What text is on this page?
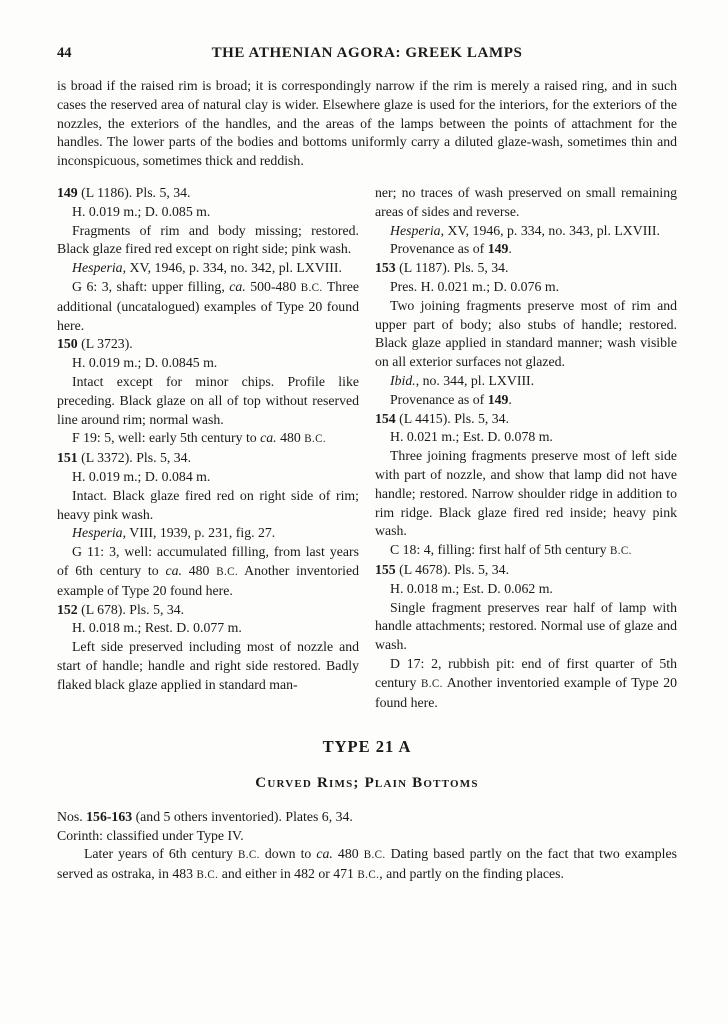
44	THE ATHENIAN AGORA: GREEK LAMPS
is broad if the raised rim is broad; it is correspondingly narrow if the rim is merely a raised ring, and in such cases the reserved area of natural clay is wider. Elsewhere glaze is used for the interiors, for the exteriors of the nozzles, the exteriors of the handles, and the areas of the lamps between the points of attachment for the handles. The lower parts of the bodies and bottoms uniformly carry a diluted glaze-wash, sometimes thin and inconspicuous, sometimes thick and reddish.

149 (L 1186). Pls. 5, 34.

H. 0.019 m.; D. 0.085 m.

Fragments of rim and body missing; restored. Black glaze fired red except on right side; pink wash.

Hesperia, XV, 1946, p. 334, no. 342, pl. LXVIII.

G 6: 3, shaft: upper filling, ca. 500-480 B.C. Three additional (uncatalogued) examples of Type 20 found here.

150 (L 3723).

H. 0.019 m.; D. 0.0845 m.

Intact except for minor chips. Profile like preceding. Black glaze on all of top without reserved line around rim; normal wash.

F 19: 5, well: early 5th century to ca. 480 B.C.

151 (L 3372). Pls. 5, 34.

H. 0.019 m.; D. 0.084 m.

Intact. Black glaze fired red on right side of rim; heavy pink wash.

Hesperia, VIII, 1939, p. 231, fig. 27.

G 11: 3, well: accumulated filling, from last years of 6th century to ca. 480 B.C. Another inventoried example of Type 20 found here.

152 (L 678). Pls. 5, 34.

H. 0.018 m.; Rest. D. 0.077 m.

Left side preserved including most of nozzle and start of handle; handle and right side restored. Badly flaked black glaze applied in standard man-

ner; no traces of wash preserved on small remaining areas of sides and reverse.

Hesperia, XV, 1946, p. 334, no. 343, pl. LXVIII.

Provenance as of 149.

153 (L 1187). Pls. 5, 34.

Pres. H. 0.021 m.; D. 0.076 m.

Two joining fragments preserve most of rim and upper part of body; also stubs of handle; restored. Black glaze applied in standard manner; wash visible on all exterior surfaces not glazed.

Ibid., no. 344, pl. LXVIII.

Provenance as of 149.

154 (L 4415). Pls. 5, 34.

H. 0.021 m.; Est. D. 0.078 m.

Three joining fragments preserve most of left side with part of nozzle, and show that lamp did not have handle; restored. Narrow shoulder ridge in addition to rim ridge. Black glaze fired red inside; heavy pink wash.

C 18: 4, filling: first half of 5th century B.C.

155 (L 4678). Pls. 5, 34.

H. 0.018 m.; Est. D. 0.062 m.

Single fragment preserves rear half of lamp with handle attachments; restored. Normal use of glaze and wash.

D 17: 2, rubbish pit: end of first quarter of 5th century B.C. Another inventoried example of Type 20 found here.

TYPE 21 A
Curved Rims; Plain Bottoms

Nos. 156-163 (and 5 others inventoried). Plates 6, 34.

Corinth: classified under Type IV.

Later years of 6th century B.C. down to ca. 480 B.C. Dating based partly on the fact that two examples served as ostraka, in 483 B.C. and either in 482 or 471 B.C., and partly on the finding places.
